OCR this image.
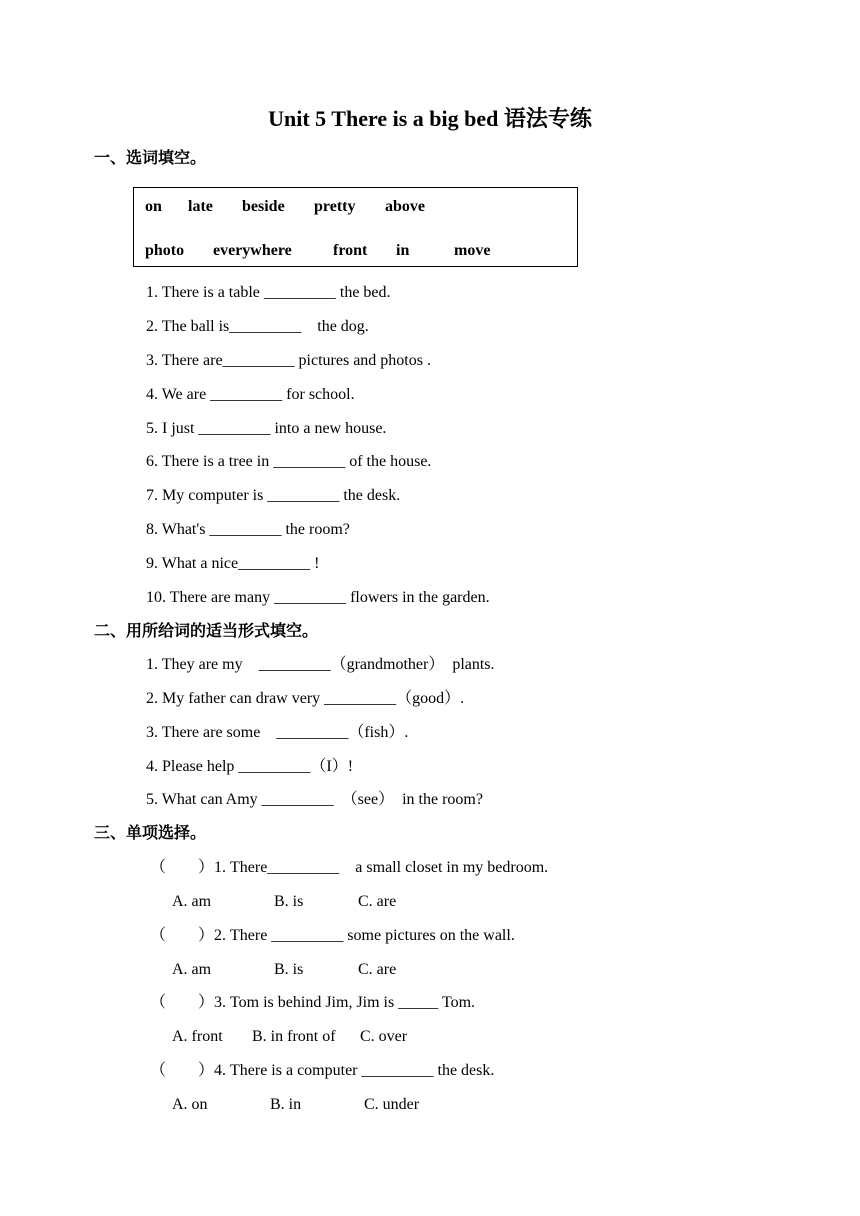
Unit 5 There is a big bed 语法专练
一、选词填空。
on late beside pretty above
photo everywhere	front in	move
1. There is a table _________ the bed.
2. The ball is_________    the dog.
3. There are_________ pictures and photos .
4. We are _________ for school.
5. I just _________ into a new house.
6. There is a tree in _________ of the house.
7. My computer is _________ the desk.
8. What's _________ the room?
9. What a nice_________ !
10. There are many _________ flowers in the garden.
二、用所给词的适当形式填空。
1. They are my    _________（grandmother）  plants.
2. My father can draw very _________（good）.
3. There are some    _________（fish）.
4. Please help _________（I）!
5. What can Amy _________  （see）  in the room?
三、单项选择。
（        ）1. There_________    a small closet in my bedroom.
A. am	B. is	C. are
（        ）2. There _________ some pictures on the wall.
A. am	B. is	C. are
（        ）3. Tom is behind Jim, Jim is _____ Tom.
A. front B. in front of C. over
（        ）4. There is a computer _________ the desk.
A. on	B. in	C. under
